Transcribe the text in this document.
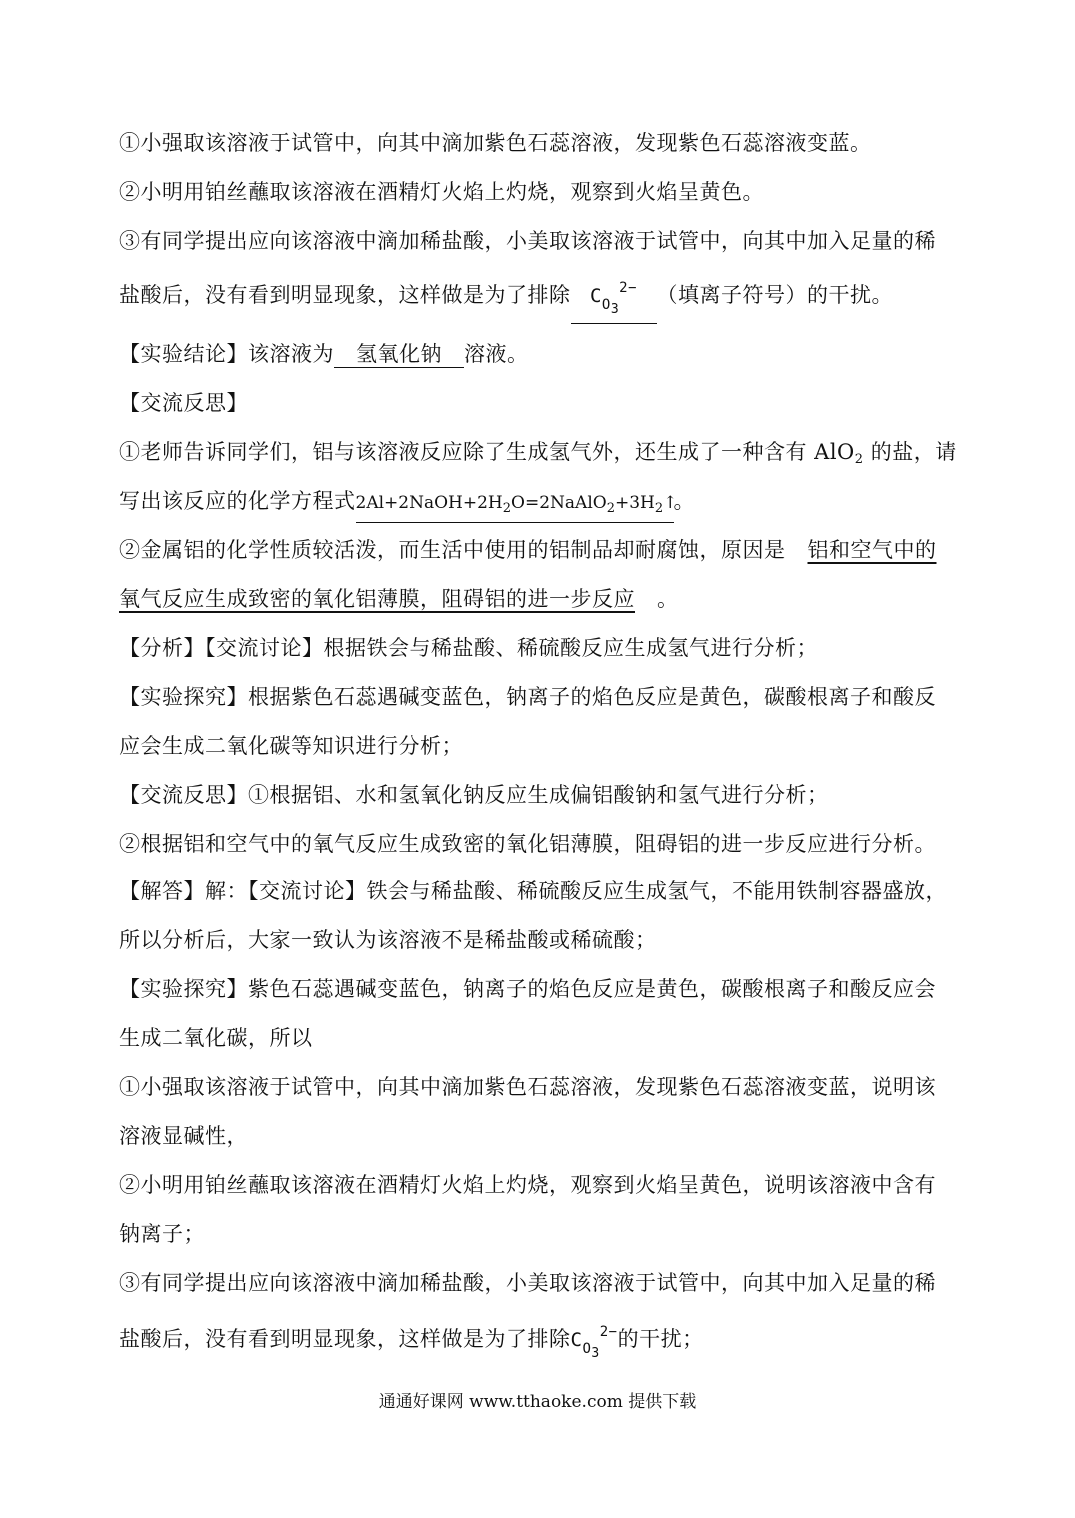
①小强取该溶液于试管中，向其中滴加紫色石蕊溶液，发现紫色石蕊溶液变蓝。
②小明用铂丝蘸取该溶液在酒精灯火焰上灼烧，观察到火焰呈黄色。
③有同学提出应向该溶液中滴加稀盐酸，小美取该溶液于试管中，向其中加入足量的稀
盐酸后，没有看到明显现象，这样做是为了排除 $C_{O3}^{2-}$ （填离子符号）的干扰。
【实验结论】该溶液为 氢氧化钠 溶液。
【交流反思】
①老师告诉同学们，铝与该溶液反应除了生成氢气外，还生成了一种含有 AlO2 的盐，请
写出该反应的化学方程式$2Al+2NaOH+2H_2O=2NaAlO_2+3H_2↑$。
②金属铝的化学性质较活泼，而生活中使用的铝制品却耐腐蚀，原因是 铝和空气中的
氧气反应生成致密的氧化铝薄膜，阻碍铝的进一步反应 。
【分析】【交流讨论】根据铁会与稀盐酸、稀硫酸反应生成氢气进行分析；
【实验探究】根据紫色石蕊遇碱变蓝色，钠离子的焰色反应是黄色，碳酸根离子和酸反
应会生成二氧化碳等知识进行分析；
【交流反思】①根据铝、水和氢氧化钠反应生成偏铝酸钠和氢气进行分析；
②根据铝和空气中的氧气反应生成致密的氧化铝薄膜，阻碍铝的进一步反应进行分析。
【解答】解：【交流讨论】铁会与稀盐酸、稀硫酸反应生成氢气，不能用铁制容器盛放，
所以分析后，大家一致认为该溶液不是稀盐酸或稀硫酸；
【实验探究】紫色石蕊遇碱变蓝色，钠离子的焰色反应是黄色，碳酸根离子和酸反应会
生成二氧化碳，所以
①小强取该溶液于试管中，向其中滴加紫色石蕊溶液，发现紫色石蕊溶液变蓝，说明该
溶液显碱性，
②小明用铂丝蘸取该溶液在酒精灯火焰上灼烧，观察到火焰呈黄色，说明该溶液中含有
钠离子；
③有同学提出应向该溶液中滴加稀盐酸，小美取该溶液于试管中，向其中加入足量的稀
盐酸后，没有看到明显现象，这样做是为了排除$C_{O3}^{2-}$的干扰；
通通好课网 www.tthaoke.com 提供下载
